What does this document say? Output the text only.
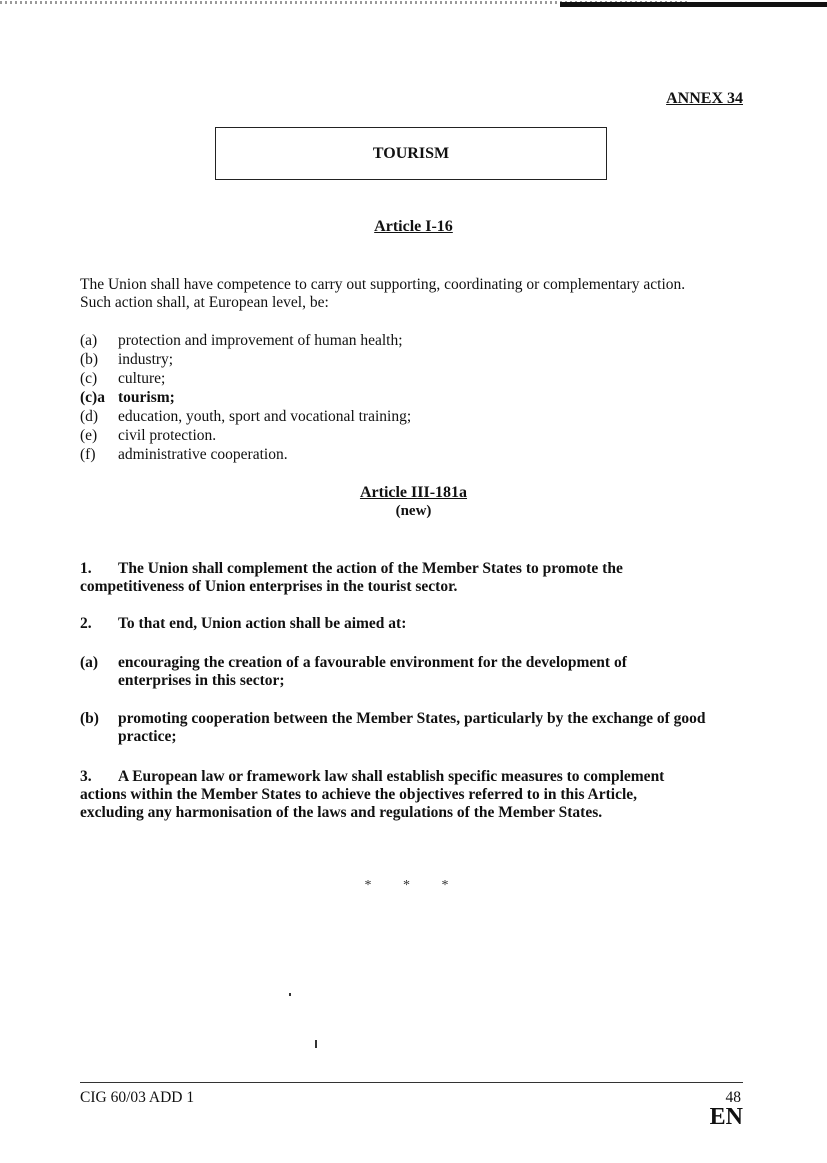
ANNEX 34
TOURISM
Article I-16
The Union shall have competence to carry out supporting, coordinating or complementary action.
Such action shall, at European level, be:
(a)	protection and improvement of human health;
(b)	industry;
(c)	culture;
(c)a tourism;
(d)	education, youth, sport and vocational training;
(e)	civil protection.
(f)	administrative cooperation.
Article III-181a
(new)
1. The Union shall complement the action of the Member States to promote the
competitiveness of Union enterprises in the tourist sector.
2. To that end, Union action shall be aimed at:
(a)	encouraging the creation of a favourable environment for the development of enterprises in this sector;
(b)	promoting cooperation between the Member States, particularly by the exchange of good practice;
3. A European law or framework law shall establish specific measures to complement
actions within the Member States to achieve the objectives referred to in this Article,
excluding any harmonisation of the laws and regulations of the Member States.
* * *
CIG 60/03 ADD 1	48
EN
